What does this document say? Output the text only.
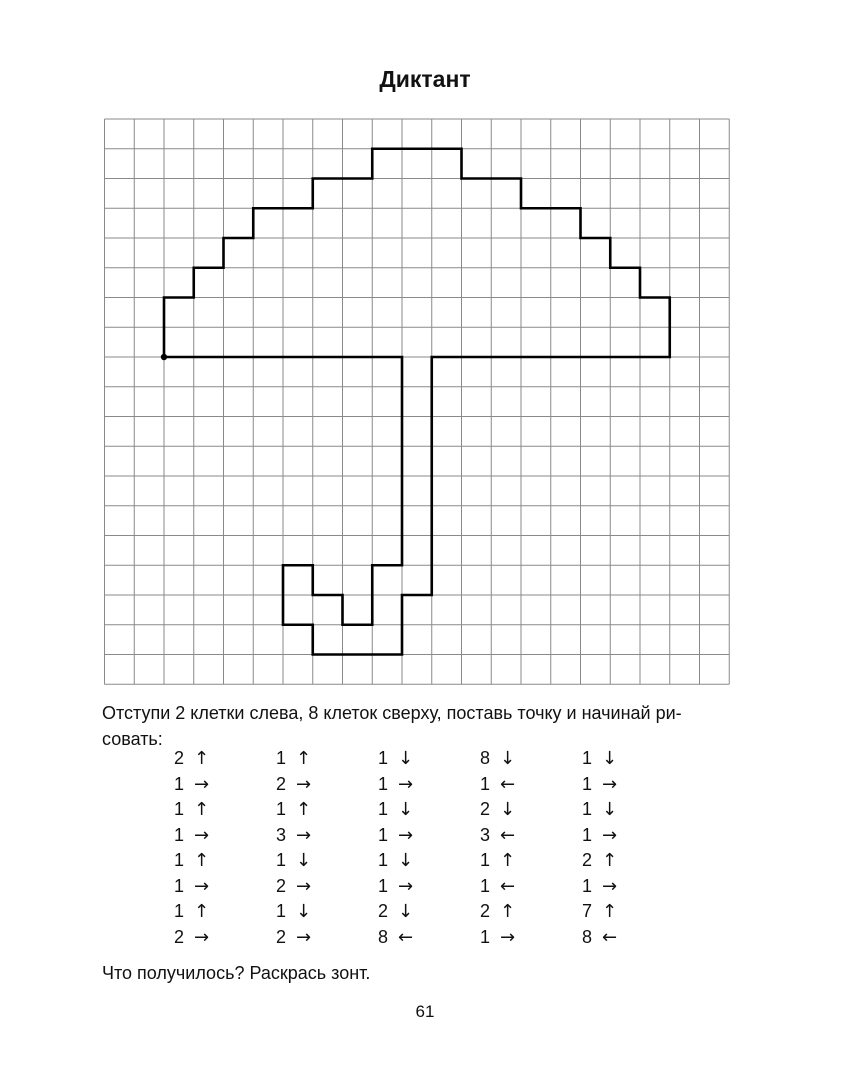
Диктант
Отступи 2 клетки слева, 8 клеток сверху, поставь точку и начинай ри-
совать:
2 ↑
1 →
1 ↑
1 →
1 ↑
1 →
1 ↑
2 →
1 ↑
2 →
1 ↑
3 →
1 ↓
2 →
1 ↓
2 →
1 ↓
1 →
1 ↓
1 →
1 ↓
1 →
2 ↓
8 ←
8 ↓
1 ←
2 ↓
3 ←
1 ↑
1 ←
2 ↑
1 →
1 ↓
1 →
1 ↓
1 →
2 ↑
1 →
7 ↑
8 ←
Что получилось? Раскрась зонт.
61
